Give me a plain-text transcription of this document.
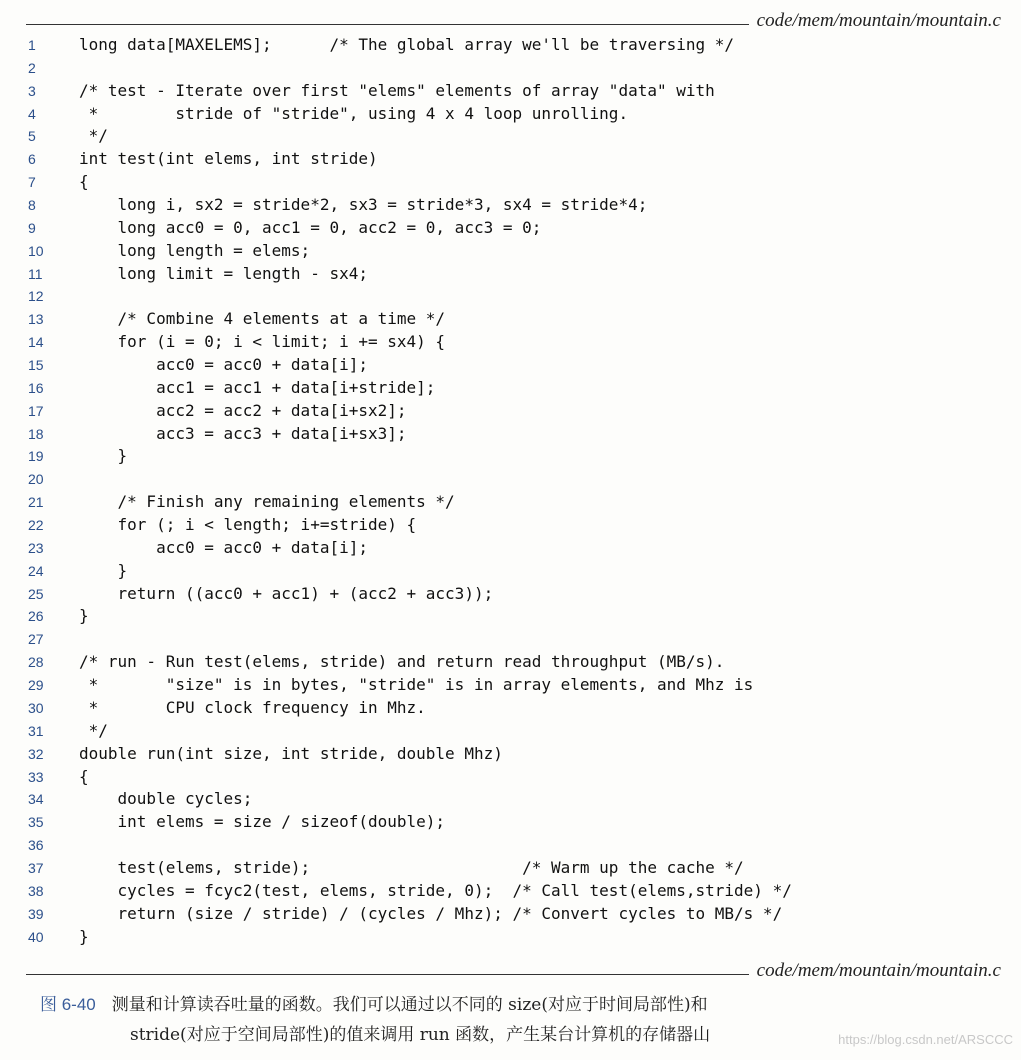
code/mem/mountain/mountain.c
1	long data[MAXELEMS];      /* The global array we'll be traversing */
2
3	/* test - Iterate over first "elems" elements of array "data" with
4	*        stride of "stride", using 4 x 4 loop unrolling.
5	*/
6	int test(int elems, int stride)
7	{
8	long i, sx2 = stride*2, sx3 = stride*3, sx4 = stride*4;
9	long acc0 = 0, acc1 = 0, acc2 = 0, acc3 = 0;
10	long length = elems;
11	long limit = length - sx4;
12
13	/* Combine 4 elements at a time */
14	for (i = 0; i < limit; i += sx4) {
15	acc0 = acc0 + data[i];
16	acc1 = acc1 + data[i+stride];
17	acc2 = acc2 + data[i+sx2];
18	acc3 = acc3 + data[i+sx3];
19	}
20
21	/* Finish any remaining elements */
22	for (; i < length; i+=stride) {
23	acc0 = acc0 + data[i];
24	}
25	return ((acc0 + acc1) + (acc2 + acc3));
26	}
27
28	/* run - Run test(elems, stride) and return read throughput (MB/s).
29	*       "size" is in bytes, "stride" is in array elements, and Mhz is
30	*       CPU clock frequency in Mhz.
31	*/
32	double run(int size, int stride, double Mhz)
33	{
34	double cycles;
35	int elems = size / sizeof(double);
36
37	test(elems, stride);                      /* Warm up the cache */
38	cycles = fcyc2(test, elems, stride, 0);  /* Call test(elems,stride) */
39	return (size / stride) / (cycles / Mhz); /* Convert cycles to MB/s */
40	}
code/mem/mountain/mountain.c
图 6-40 测量和计算读吞吐量的函数。我们可以通过以不同的 size(对应于时间局部性)和
stride(对应于空间局部性)的值来调用 run 函数，产生某台计算机的存储器山	https://blog.csdn.net/ARSCCC
